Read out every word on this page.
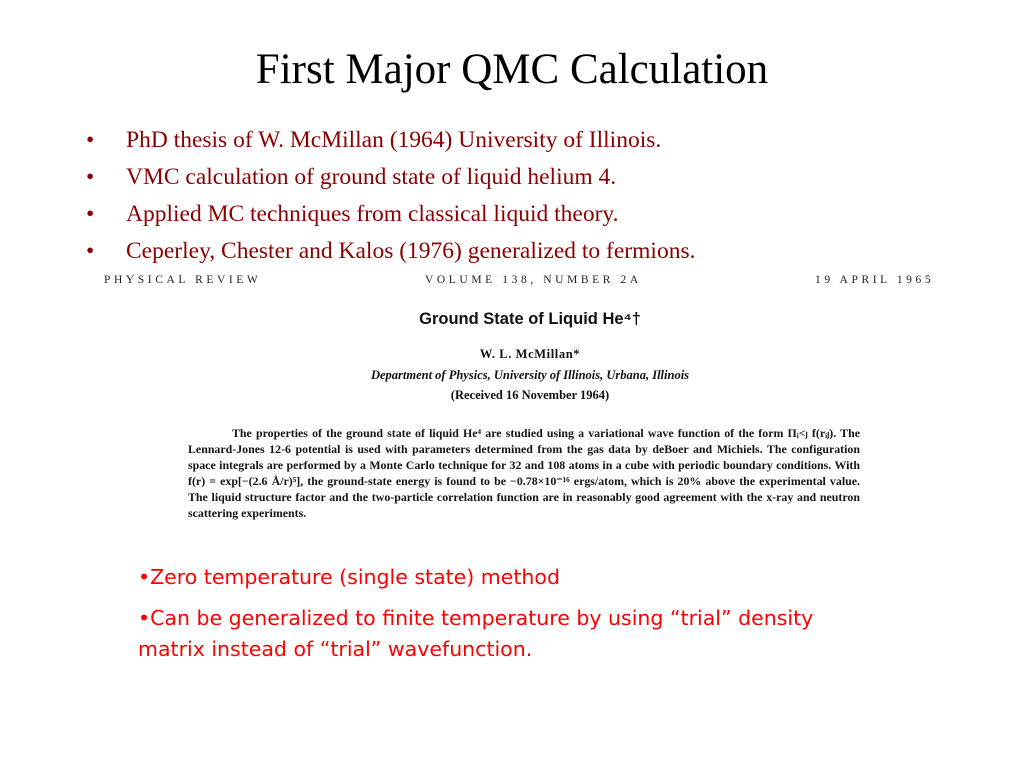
First Major QMC Calculation
• PhD thesis of W. McMillan (1964) University of Illinois.
• VMC calculation of ground state of liquid helium 4.
• Applied MC techniques from classical liquid theory.
• Ceperley, Chester and Kalos (1976) generalized to fermions.
PHYSICAL REVIEW	VOLUME 138, NUMBER 2A	19 APRIL 1965
Ground State of Liquid He⁴†
W. L. McMillan*
Department of Physics, University of Illinois, Urbana, Illinois
(Received 16 November 1964)

The properties of the ground state of liquid He⁴ are studied using a variational wave function of the form Πᵢ<ⱼ f(rᵢⱼ). The Lennard-Jones 12-6 potential is used with parameters determined from the gas data by deBoer and Michiels. The configuration space integrals are performed by a Monte Carlo technique for 32 and 108 atoms in a cube with periodic boundary conditions. With f(r) = exp[−(2.6 Å/r)⁵], the ground-state energy is found to be −0.78×10⁻¹⁶ ergs/atom, which is 20% above the experimental value. The liquid structure factor and the two-particle correlation function are in reasonably good agreement with the x-ray and neutron scattering experiments.

•Zero temperature (single state) method
•Can be generalized to finite temperature by using “trial” density matrix instead of “trial” wavefunction.
